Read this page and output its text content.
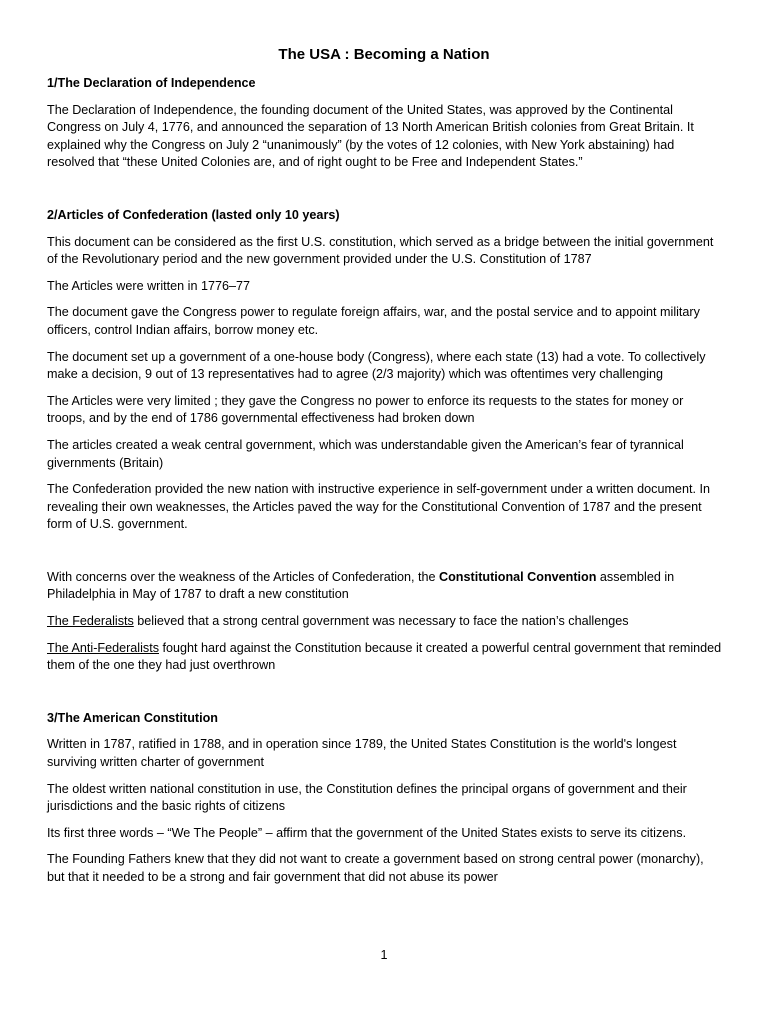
The USA : Becoming a Nation

1/The Declaration of Independence

The Declaration of Independence, the founding document of the United States, was approved by the Continental Congress on July 4, 1776, and announced the separation of 13 North American British colonies from Great Britain. It explained why the Congress on July 2 “unanimously” (by the votes of 12 colonies, with New York abstaining) had resolved that “these United Colonies are, and of right ought to be Free and Independent States.”

2/Articles of Confederation (lasted only 10 years)

This document can be considered as the first U.S. constitution, which served as a bridge between the initial government of the Revolutionary period and the new government provided under the U.S. Constitution of 1787

The Articles were written in 1776–77

The document gave the Congress power to regulate foreign affairs, war, and the postal service and to appoint military officers, control Indian affairs, borrow money etc.

The document set up a government of a one-house body (Congress), where each state (13) had a vote. To collectively make a decision, 9 out of 13 representatives had to agree (2/3 majority) which was oftentimes very challenging

The Articles were very limited ; they gave the Congress no power to enforce its requests to the states for money or troops, and by the end of 1786 governmental effectiveness had broken down

The articles created a weak central government, which was understandable given the American’s fear of tyrannical givernments (Britain)

The Confederation provided the new nation with instructive experience in self-government under a written document. In revealing their own weaknesses, the Articles paved the way for the Constitutional Convention of 1787 and the present form of U.S. government.

With concerns over the weakness of the Articles of Confederation, the Constitutional Convention assembled in Philadelphia in May of 1787 to draft a new constitution

The Federalists believed that a strong central government was necessary to face the nation’s challenges

The Anti-Federalists fought hard against the Constitution because it created a powerful central government that reminded them of the one they had just overthrown

3/The American Constitution

Written in 1787, ratified in 1788, and in operation since 1789, the United States Constitution is the world's longest surviving written charter of government

The oldest written national constitution in use, the Constitution defines the principal organs of government and their jurisdictions and the basic rights of citizens

Its first three words – “We The People” – affirm that the government of the United States exists to serve its citizens.

The Founding Fathers knew that they did not want to create a government based on strong central power (monarchy), but that it needed to be a strong and fair government that did not abuse its power

1
